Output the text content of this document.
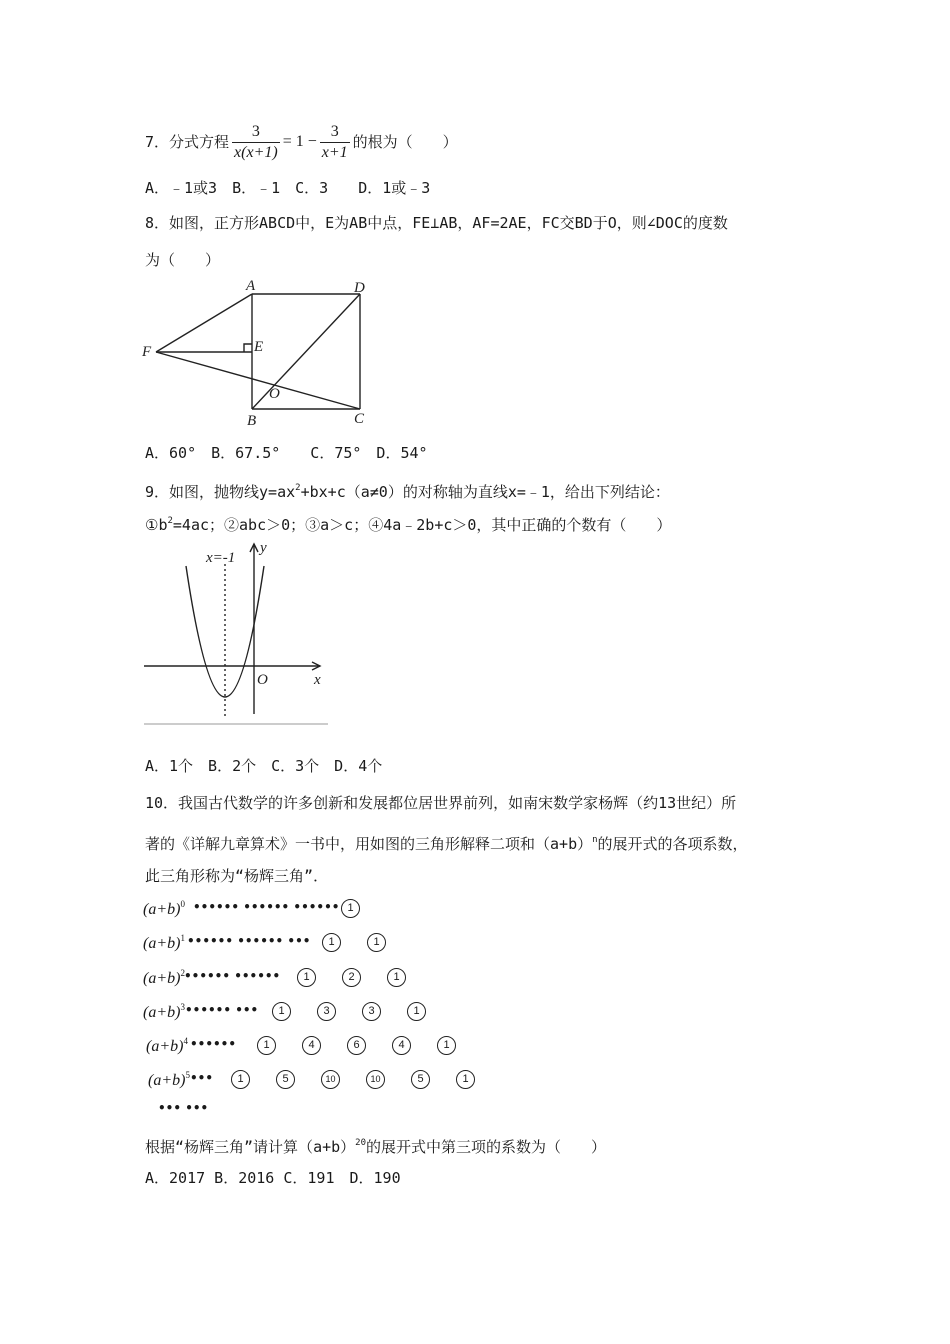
7．分式方程 $\frac{3}{x(x+1)} = 1 - \frac{3}{x+1}$ 的根为（　　）
A．﹣1或3　B．﹣1　C．3　　D．1或﹣3
8．如图，正方形ABCD中，E为AB中点，FE⊥AB，AF=2AE，FC交BD于O，则∠DOC的度数
为（　　）
A	D
F	E
O
B	C
A．60°　B．67.5°　　C．75°　D．54°
9．如图，抛物线$y=ax^2+bx+c(a\ne 0)$的对称轴为直线x=﹣1，给出下列结论：
$①b^2=4ac$；②abc＞0；③a＞c；④4a﹣2b+c＞0，其中正确的个数有（　　）
x=-1
y
O	x
A．1个　B．2个　C．3个　D．4个
10．我国古代数学的许多创新和发展都位居世界前列，如南宋数学家杨辉（约13世纪）所
著的《详解九章算术》一书中，用如图的三角形解释二项和$(a+b)^n$的展开式的各项系数，
此三角形称为“杨辉三角”．
$(a+b)^0$ •••••• •••••• •••••• 1
$(a+b)^1$ •••••• •••••• •••	1	1
$(a+b)^2$ •••••• ••••••	1	2	1
$(a+b)^3$ •••••• •••	1	3	3	1
$(a+b)^4$ ••••••	1	4	6	4	1
$(a+b)^5$ •••	1	5	10	10	5	1
••• •••
根据“杨辉三角”请计算$(a+b)^{20}$的展开式中第三项的系数为（　　）
A．2017 B．2016 C．191　D．190
